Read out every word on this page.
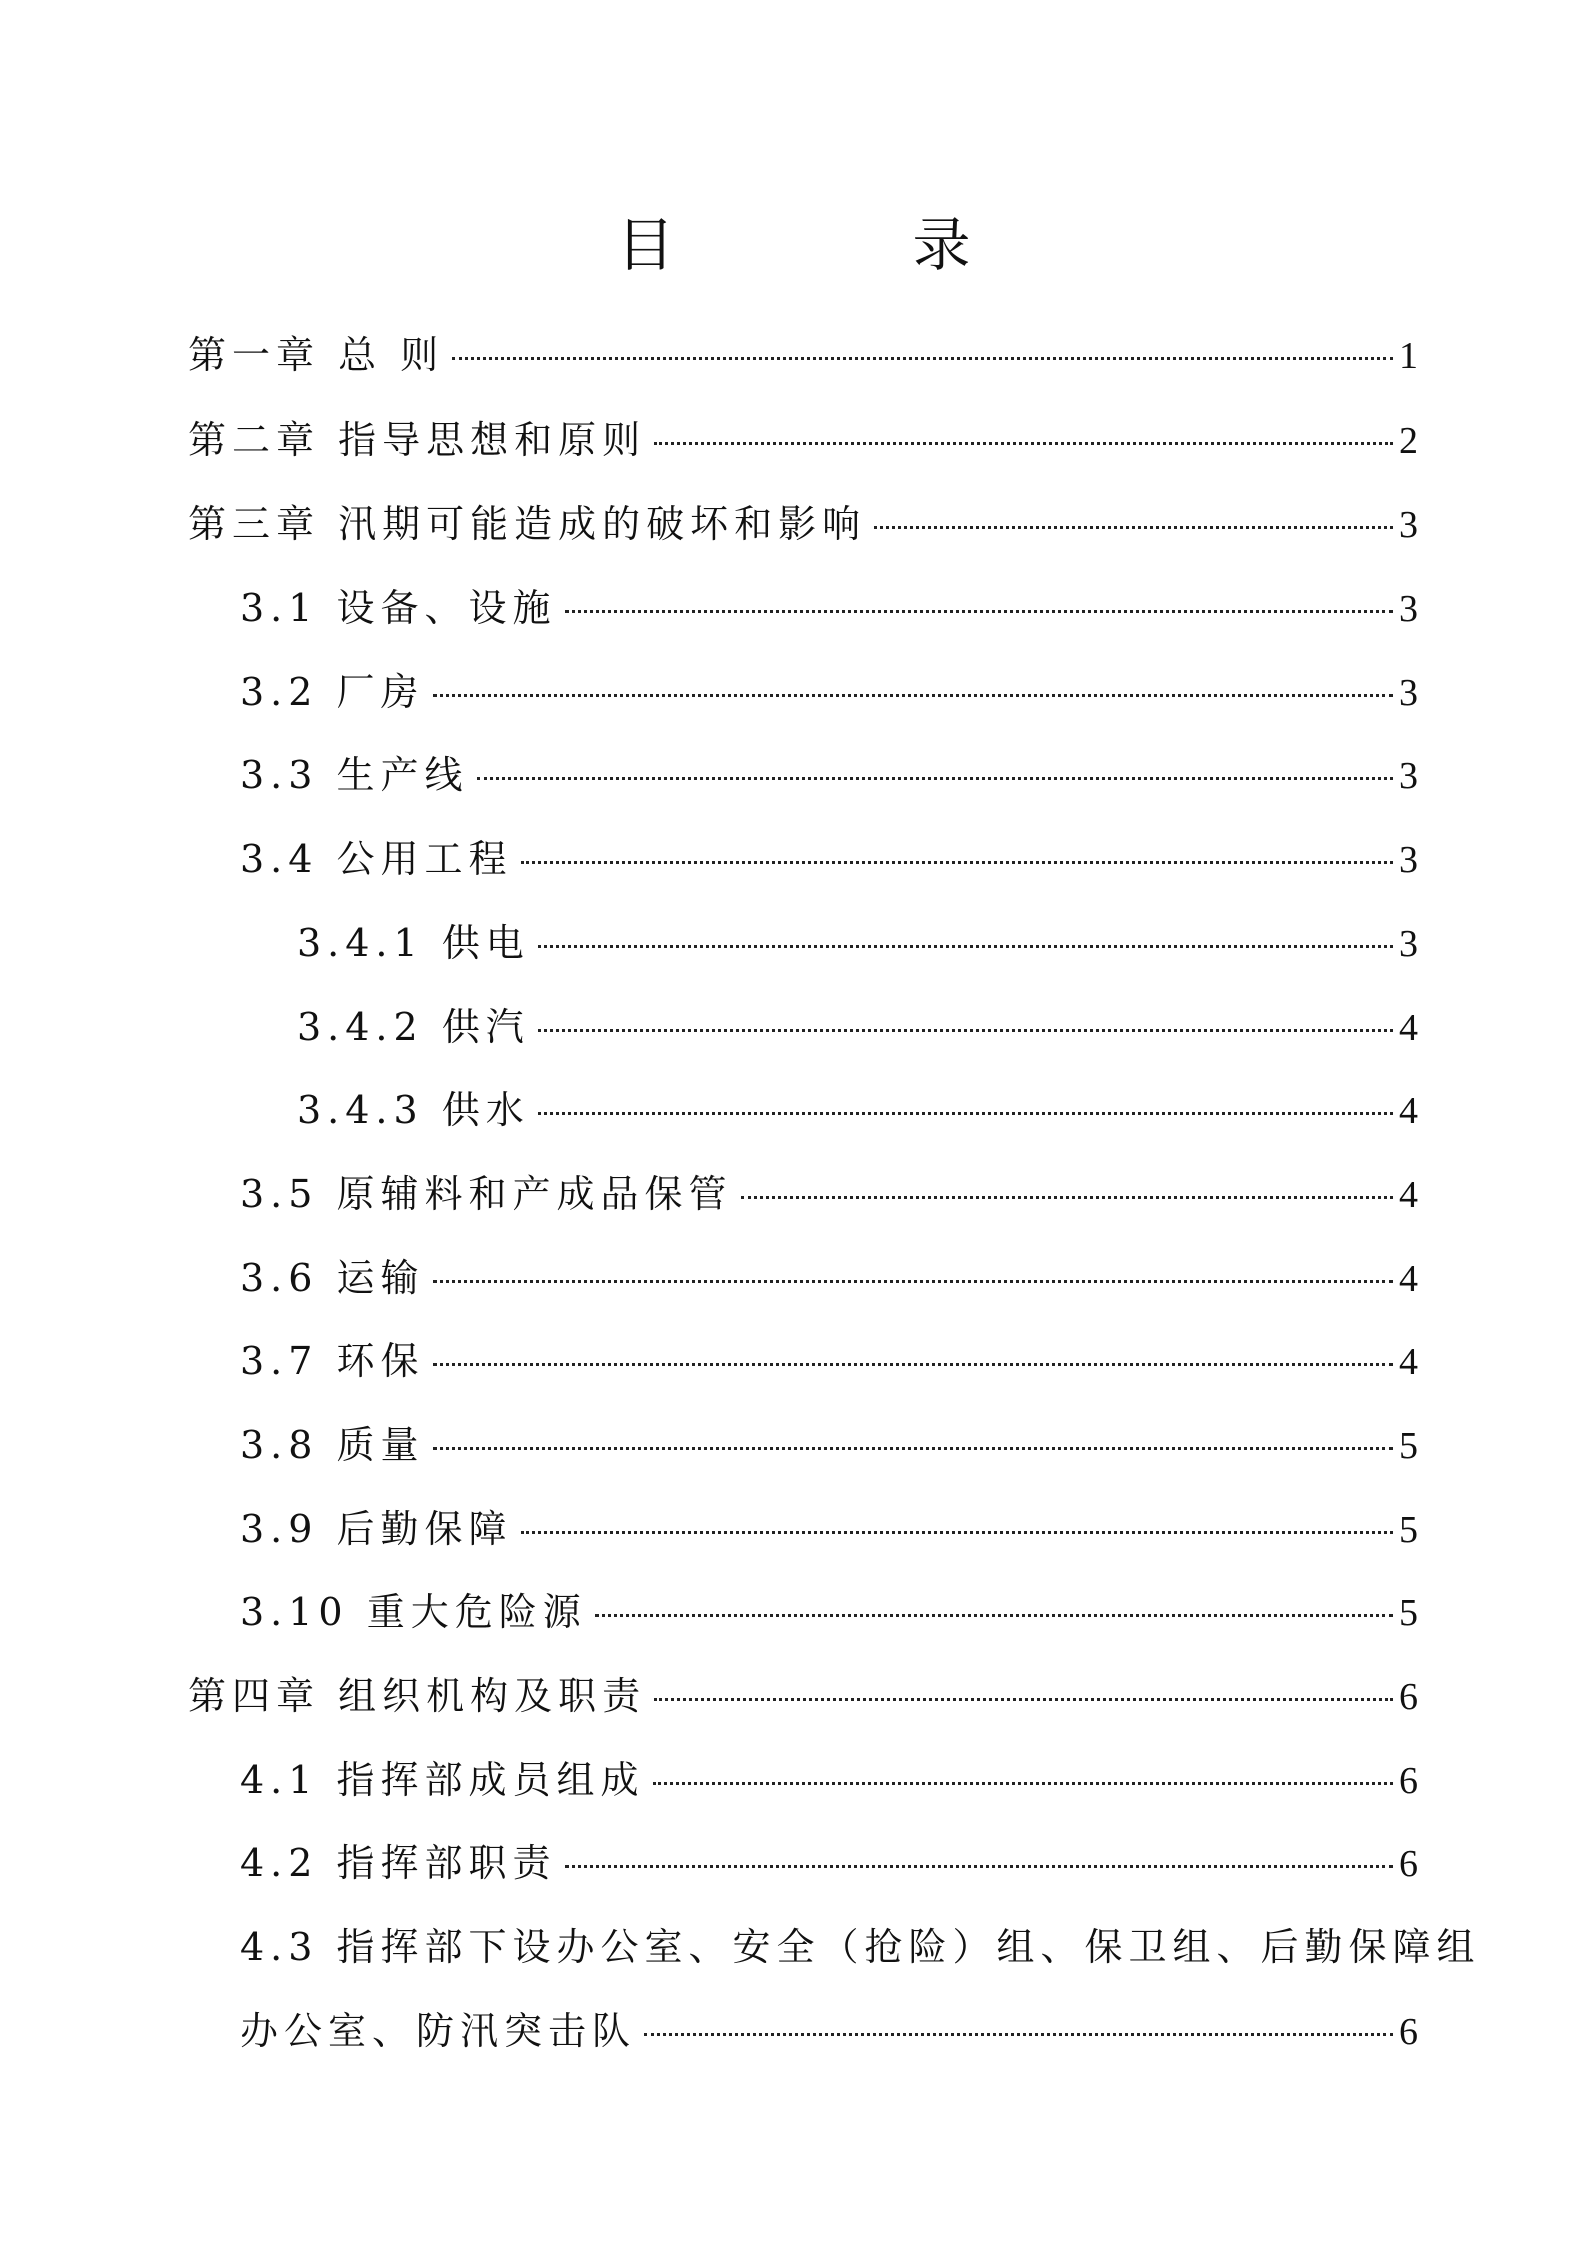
目　录
第一章 总 则	1
第二章 指导思想和原则	2
第三章 汛期可能造成的破坏和影响	3
3.1 设备、设施	3
3.2 厂房	3
3.3 生产线	3
3.4 公用工程	3
3.4.1 供电	3
3.4.2 供汽	4
3.4.3 供水	4
3.5 原辅料和产成品保管	4
3.6 运输	4
3.7 环保	4
3.8 质量	5
3.9 后勤保障	5
3.10 重大危险源	5
第四章 组织机构及职责	6
4.1 指挥部成员组成	6
4.2 指挥部职责	6
4.3 指挥部下设办公室、安全（抢险）组、保卫组、后勤保障组
办公室、防汛突击队	6
